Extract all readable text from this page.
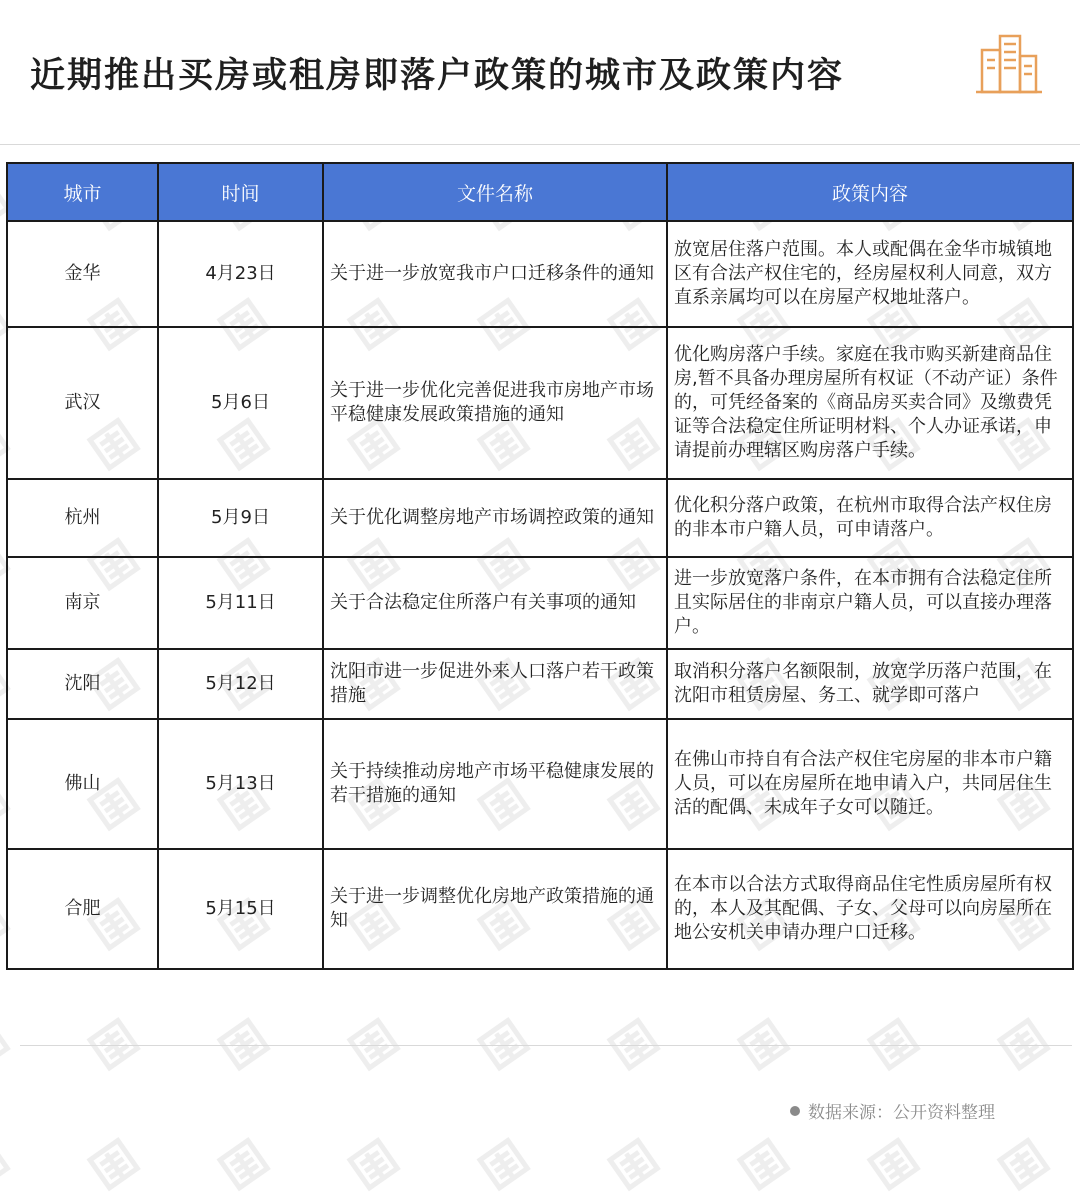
近期推出买房或租房即落户政策的城市及政策内容
城市	时间	文件名称	政策内容
金华	4月23日	关于进一步放宽我市户口迁移条件的通知	放宽居住落户范围。本人或配偶在金华市城镇地区有合法产权住宅的，经房屋权利人同意，双方直系亲属均可以在房屋产权地址落户。
武汉	5月6日	关于进一步优化完善促进我市房地产市场平稳健康发展政策措施的通知	优化购房落户手续。家庭在我市购买新建商品住房,暂不具备办理房屋所有权证（不动产证）条件的，可凭经备案的《商品房买卖合同》及缴费凭证等合法稳定住所证明材料、个人办证承诺，申请提前办理辖区购房落户手续。
杭州	5月9日	关于优化调整房地产市场调控政策的通知	优化积分落户政策，在杭州市取得合法产权住房的非本市户籍人员，可申请落户。
南京	5月11日	关于合法稳定住所落户有关事项的通知	进一步放宽落户条件，在本市拥有合法稳定住所且实际居住的非南京户籍人员，可以直接办理落户。
沈阳	5月12日	沈阳市进一步促进外来人口落户若干政策措施	取消积分落户名额限制，放宽学历落户范围，在沈阳市租赁房屋、务工、就学即可落户
佛山	5月13日	关于持续推动房地产市场平稳健康发展的若干措施的通知	在佛山市持自有合法产权住宅房屋的非本市户籍人员，可以在房屋所在地申请入户，共同居住生活的配偶、未成年子女可以随迁。
合肥	5月15日	关于进一步调整优化房地产政策措施的通知	在本市以合法方式取得商品住宅性质房屋所有权的，本人及其配偶、子女、父母可以向房屋所在地公安机关申请办理户口迁移。
数据来源：公开资料整理
